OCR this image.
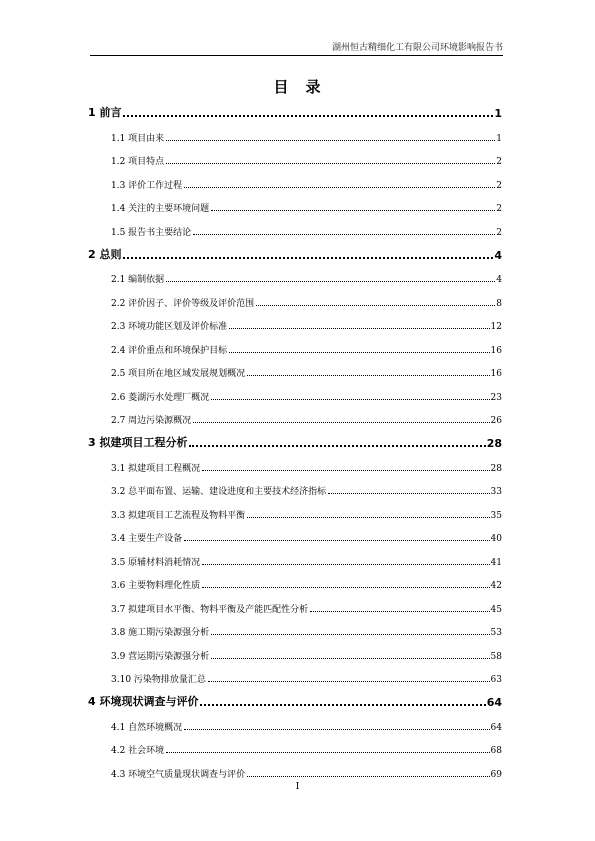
湖州恒古精细化工有限公司环境影响报告书
目　录
1 前言	1
1.1 项目由来	1
1.2 项目特点	2
1.3 评价工作过程	2
1.4 关注的主要环境问题	2
1.5 报告书主要结论	2
2 总则	4
2.1 编制依据	4
2.2 评价因子、评价等级及评价范围	8
2.3 环境功能区划及评价标准	12
2.4 评价重点和环境保护目标	16
2.5 项目所在地区域发展规划概况	16
2.6 菱湖污水处理厂概况	23
2.7 周边污染源概况	26
3 拟建项目工程分析	28
3.1 拟建项目工程概况	28
3.2 总平面布置、运输、建设进度和主要技术经济指标	33
3.3 拟建项目工艺流程及物料平衡	35
3.4 主要生产设备	40
3.5 原辅材料消耗情况	41
3.6 主要物料理化性质	42
3.7 拟建项目水平衡、物料平衡及产能匹配性分析	45
3.8 施工期污染源强分析	53
3.9 营运期污染源强分析	58
3.10 污染物排放量汇总	63
4 环境现状调查与评价	64
4.1 自然环境概况	64
4.2 社会环境	68
4.3 环境空气质量现状调查与评价	69
I
